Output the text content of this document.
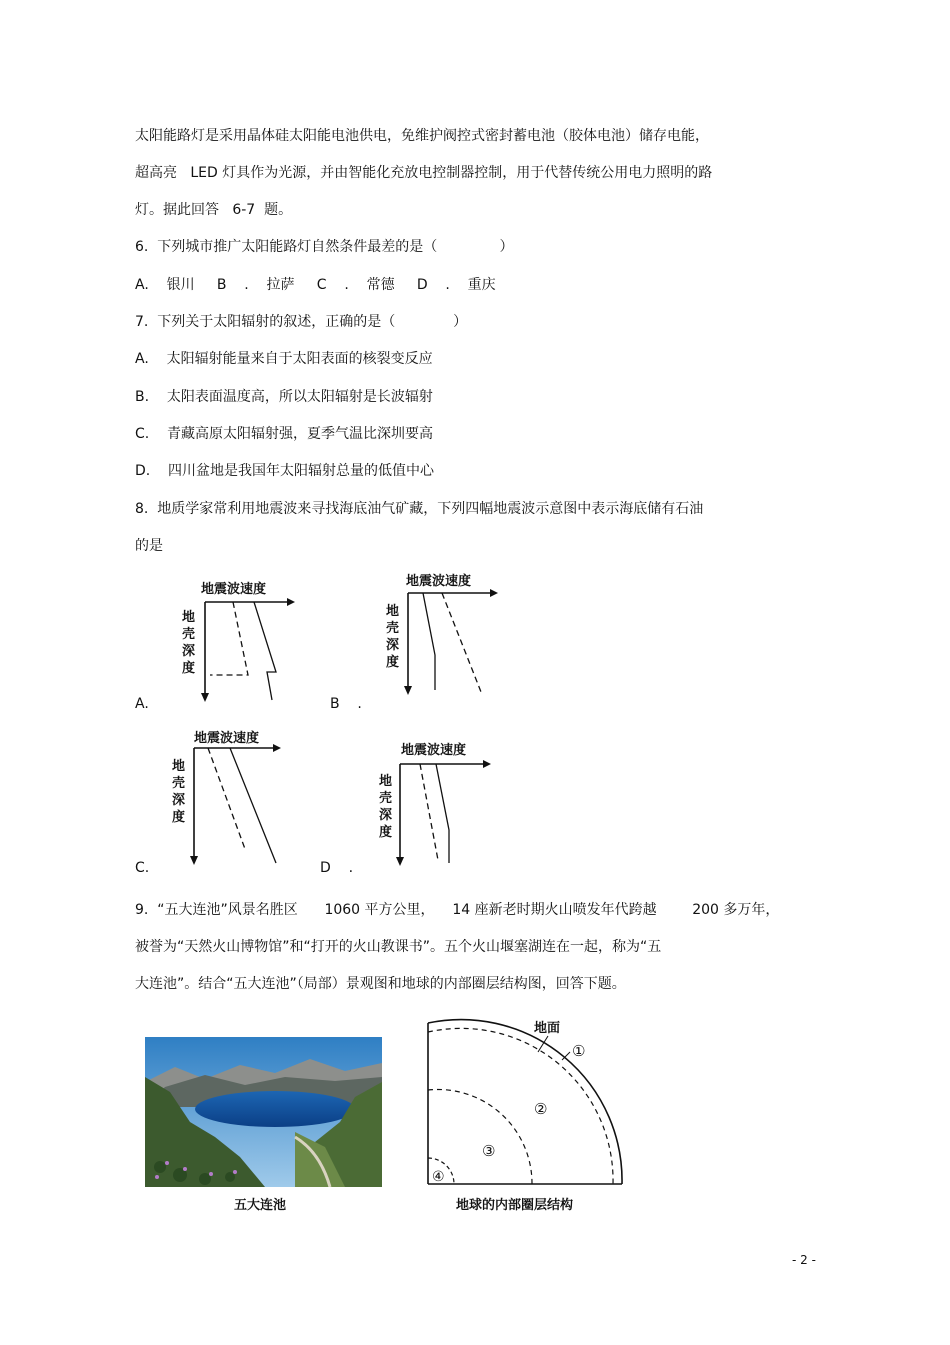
太阳能路灯是采用晶体硅太阳能电池供电，免维护阀控式密封蓄电池（胶体电池）储存电能，
超高亮   LED 灯具作为光源，并由智能化充放电控制器控制，用于代替传统公用电力照明的路
灯。据此回答   6-7  题。
6.  下列城市推广太阳能路灯自然条件最差的是（              ）
A.    银川     B    .    拉萨     C    .    常德     D    .    重庆
7.  下列关于太阳辐射的叙述，正确的是（             ）
A.    太阳辐射能量来自于太阳表面的核裂变反应
B.    太阳表面温度高，所以太阳辐射是长波辐射
C.    青藏高原太阳辐射强，夏季气温比深圳要高
D.    四川盆地是我国年太阳辐射总量的低值中心
8.  地质学家常利用地震波来寻找海底油气矿藏，下列四幅地震波示意图中表示海底储有石油
的是
地震波速度
地
壳
深
度
A.
地震波速度
地
壳
深
度
B    .
地震波速度
地
壳
深
度
C.
地震波速度
地
壳
深
度
D    .
9.  “五大连池”风景名胜区      1060 平方公里，    14 座新老时期火山喷发年代跨越        200 多万年，
被誉为“天然火山博物馆”和“打开的火山教课书”。五个火山堰塞湖连在一起，称为“五
大连池”。结合“五大连池”（局部）景观图和地球的内部圈层结构图，回答下题。
五大连池
地面
①
②
③
④
地球的内部圈层结构
- 2 -
